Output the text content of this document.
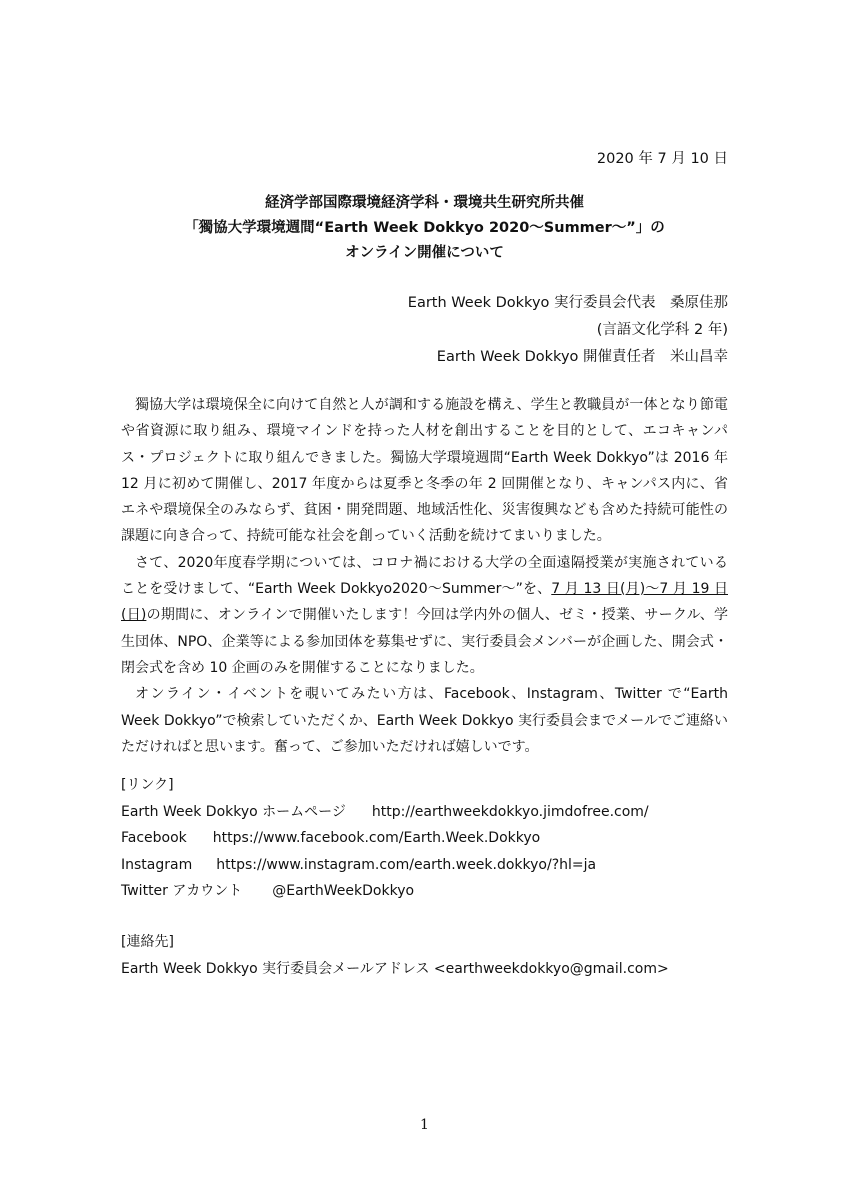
2020 年 7 月 10 日
経済学部国際環境経済学科・環境共生研究所共催
「獨協大学環境週間“Earth Week Dokkyo 2020～Summer～”」の
オンライン開催について
Earth Week Dokkyo 実行委員会代表　桑原佳那
(言語文化学科 2 年)
Earth Week Dokkyo 開催責任者　米山昌幸

獨協大学は環境保全に向けて自然と人が調和する施設を構え、学生と教職員が一体となり節電や省資源に取り組み、環境マインドを持った人材を創出することを目的として、エコキャンパス・プロジェクトに取り組んできました。獨協大学環境週間“Earth Week Dokkyo”は 2016 年 12 月に初めて開催し、2017 年度からは夏季と冬季の年 2 回開催となり、キャンパス内に、省エネや環境保全のみならず、貧困・開発問題、地域活性化、災害復興なども含めた持続可能性の課題に向き合って、持続可能な社会を創っていく活動を続けてまいりました。

さて、2020年度春学期については、コロナ禍における大学の全面遠隔授業が実施されていることを受けまして、“Earth Week Dokkyo2020～Summer～”を、7 月 13 日(月)～7 月 19 日(日)の期間に、オンラインで開催いたします！今回は学内外の個人、ゼミ・授業、サークル、学生団体、NPO、企業等による参加団体を募集せずに、実行委員会メンバーが企画した、開会式・閉会式を含め 10 企画のみを開催することになりました。

オンライン・イベントを覗いてみたい方は、Facebook、Instagram、Twitter で“Earth Week Dokkyo”で検索していただくか、Earth Week Dokkyo 実行委員会までメールでご連絡いただければと思います。奮って、ご参加いただければ嬉しいです。

[リンク]
Earth Week Dokkyo ホームページ http://earthweekdokkyo.jimdofree.com/
Facebook https://www.facebook.com/Earth.Week.Dokkyo
Instagram https://www.instagram.com/earth.week.dokkyo/?hl=ja
Twitter アカウント @EarthWeekDokkyo
[連絡先]
Earth Week Dokkyo 実行委員会メールアドレス <earthweekdokkyo@gmail.com>
1
